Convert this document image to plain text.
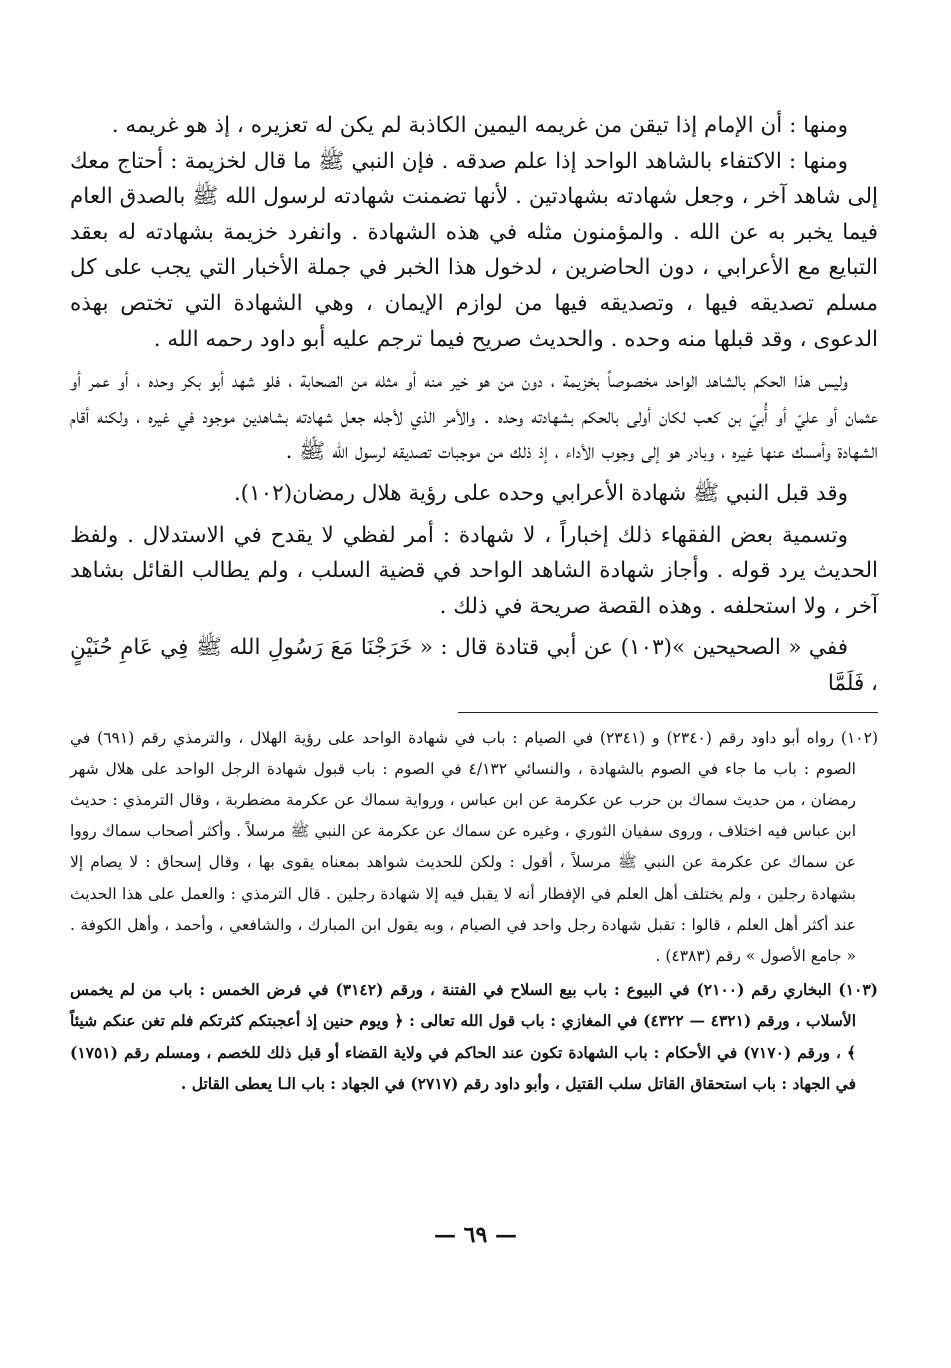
ومنها : أن الإمام إذا تيقن من غريمه اليمين الكاذبة لم يكن له تعزيره ، إذ هو غريمه .

ومنها : الاكتفاء بالشاهد الواحد إذا علم صدقه . فإن النبي ﷺ ما قال لخزيمة : أحتاج معك إلى شاهد آخر ، وجعل شهادته بشهادتين . لأنها تضمنت شهادته لرسول الله ﷺ بالصدق العام فيما يخبر به عن الله . والمؤمنون مثله في هذه الشهادة . وانفرد خزيمة بشهادته له بعقد التبايع مع الأعرابي ، دون الحاضرين ، لدخول هذا الخبر في جملة الأخبار التي يجب على كل مسلم تصديقه فيها ، وتصديقه فيها من لوازم الإيمان ، وهي الشهادة التي تختص بهذه الدعوى ، وقد قبلها منه وحده . والحديث صريح فيما ترجم عليه أبو داود رحمه الله .

وليس هذا الحكم بالشاهد الواحد مخصوصاً بخزيمة ، دون من هو خير منه أو مثله من الصحابة ، فلو شهد أبو بكر وحده ، أو عمر أو عثمان أو عليّ أو أُبيّ بن كعب لكان أولى بالحكم بشهادته وحده . والأمر الذي لأجله جعل شهادته بشاهدين موجود في غيره ، ولكنه أقام الشهادة وأمسك عنها غيره ، وبادر هو إلى وجوب الأداء ، إذ ذلك من موجبات تصديقه لرسول الله ﷺ .

وقد قبل النبي ﷺ شهادة الأعرابي وحده على رؤية هلال رمضان(١٠٢).

وتسمية بعض الفقهاء ذلك إخباراً ، لا شهادة : أمر لفظي لا يقدح في الاستدلال . ولفظ الحديث يرد قوله . وأجاز شهادة الشاهد الواحد في قضية السلب ، ولم يطالب القائل بشاهد آخر ، ولا استحلفه . وهذه القصة صريحة في ذلك .

ففي « الصحيحين »(١٠٣) عن أبي قتادة قال : « خَرَجْنَا مَعَ رَسُولِ الله ﷺ فِي عَامِ حُنَيْنٍ ، فَلَمَّا

(١٠٢) رواه أبو داود رقم (٢٣٤٠) و (٢٣٤١) في الصيام : باب في شهادة الواحد على رؤية الهلال ، والترمذي رقم (٦٩١) في الصوم : باب ما جاء في الصوم بالشهادة ، والنسائي ٤/١٣٢ في الصوم : باب قبول شهادة الرجل الواحد على هلال شهر رمضان ، من حديث سماك بن حرب عن عكرمة عن ابن عباس ، ورواية سماك عن عكرمة مضطربة ، وقال الترمذي : حديث ابن عباس فيه اختلاف ، وروى سفيان الثوري ، وغيره عن سماك عن عكرمة عن النبي ﷺ مرسلاً . وأكثر أصحاب سماك رووا عن سماك عن عكرمة عن النبي ﷺ مرسلاً ، أقول : ولكن للحديث شواهد بمعناه يقوى بها ، وقال إسحاق : لا يصام إلا بشهادة رجلين ، ولم يختلف أهل العلم في الإفطار أنه لا يقبل فيه إلا شهادة رجلين . قال الترمذي : والعمل على هذا الحديث عند أكثر أهل العلم ، قالوا : تقبل شهادة رجل واحد في الصيام ، وبه يقول ابن المبارك ، والشافعي ، وأحمد ، وأهل الكوفة . « جامع الأصول » رقم (٤٣٨٣) .

(١٠٣) البخاري رقم (٢١٠٠) في البيوع : باب بيع السلاح في الفتنة ، ورقم (٣١٤٢) في فرض الخمس : باب من لم يخمس الأسلاب ، ورقم (٤٣٢١ — ٤٣٢٢) في المغازي : باب قول الله تعالى : ﴿ ويوم حنين إذ أعجبتكم كثرتكم فلم تغن عنكم شيئاً ﴾ ، ورقم (٧١٧٠) في الأحكام : باب الشهادة تكون عند الحاكم في ولاية القضاء أو قبل ذلك للخصم ، ومسلم رقم (١٧٥١) في الجهاد : باب استحقاق القاتل سلب القتيل ، وأبو داود رقم (٢٧١٧) في الجهاد : باب الـا يعطى القاتل .

— ٦٩ —
